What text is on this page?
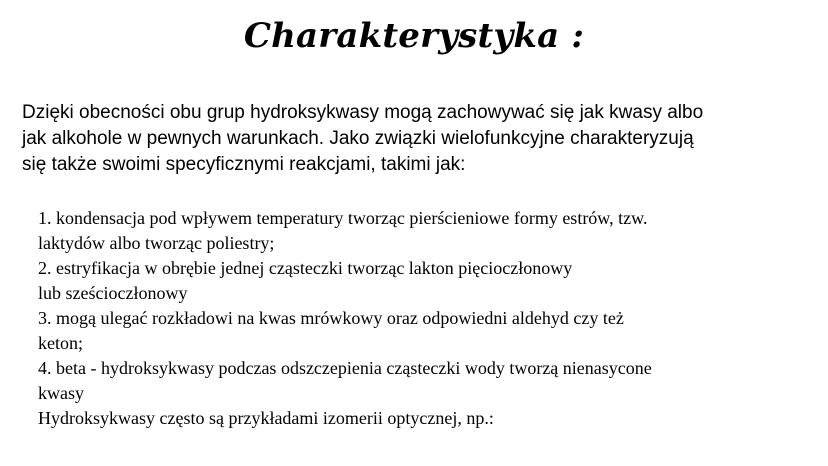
Charakterystyka :

Dzięki obecności obu grup hydroksykwasy mogą zachowywać się jak kwasy albo
jak alkohole w pewnych warunkach. Jako związki wielofunkcyjne charakteryzują
się także swoimi specyficznymi reakcjami, takimi jak:

1. kondensacja pod wpływem temperatury tworząc pierścieniowe formy estrów, tzw.
laktydów albo tworząc poliestry;
2. estryfikacja w obrębie jednej cząsteczki tworząc lakton pięcioczłonowy
lub sześcioczłonowy
3. mogą ulegać rozkładowi na kwas mrówkowy oraz odpowiedni aldehyd czy też
keton;
4. beta - hydroksykwasy podczas odszczepienia cząsteczki wody tworzą nienasycone
kwasy
Hydroksykwasy często są przykładami izomerii optycznej, np.:
